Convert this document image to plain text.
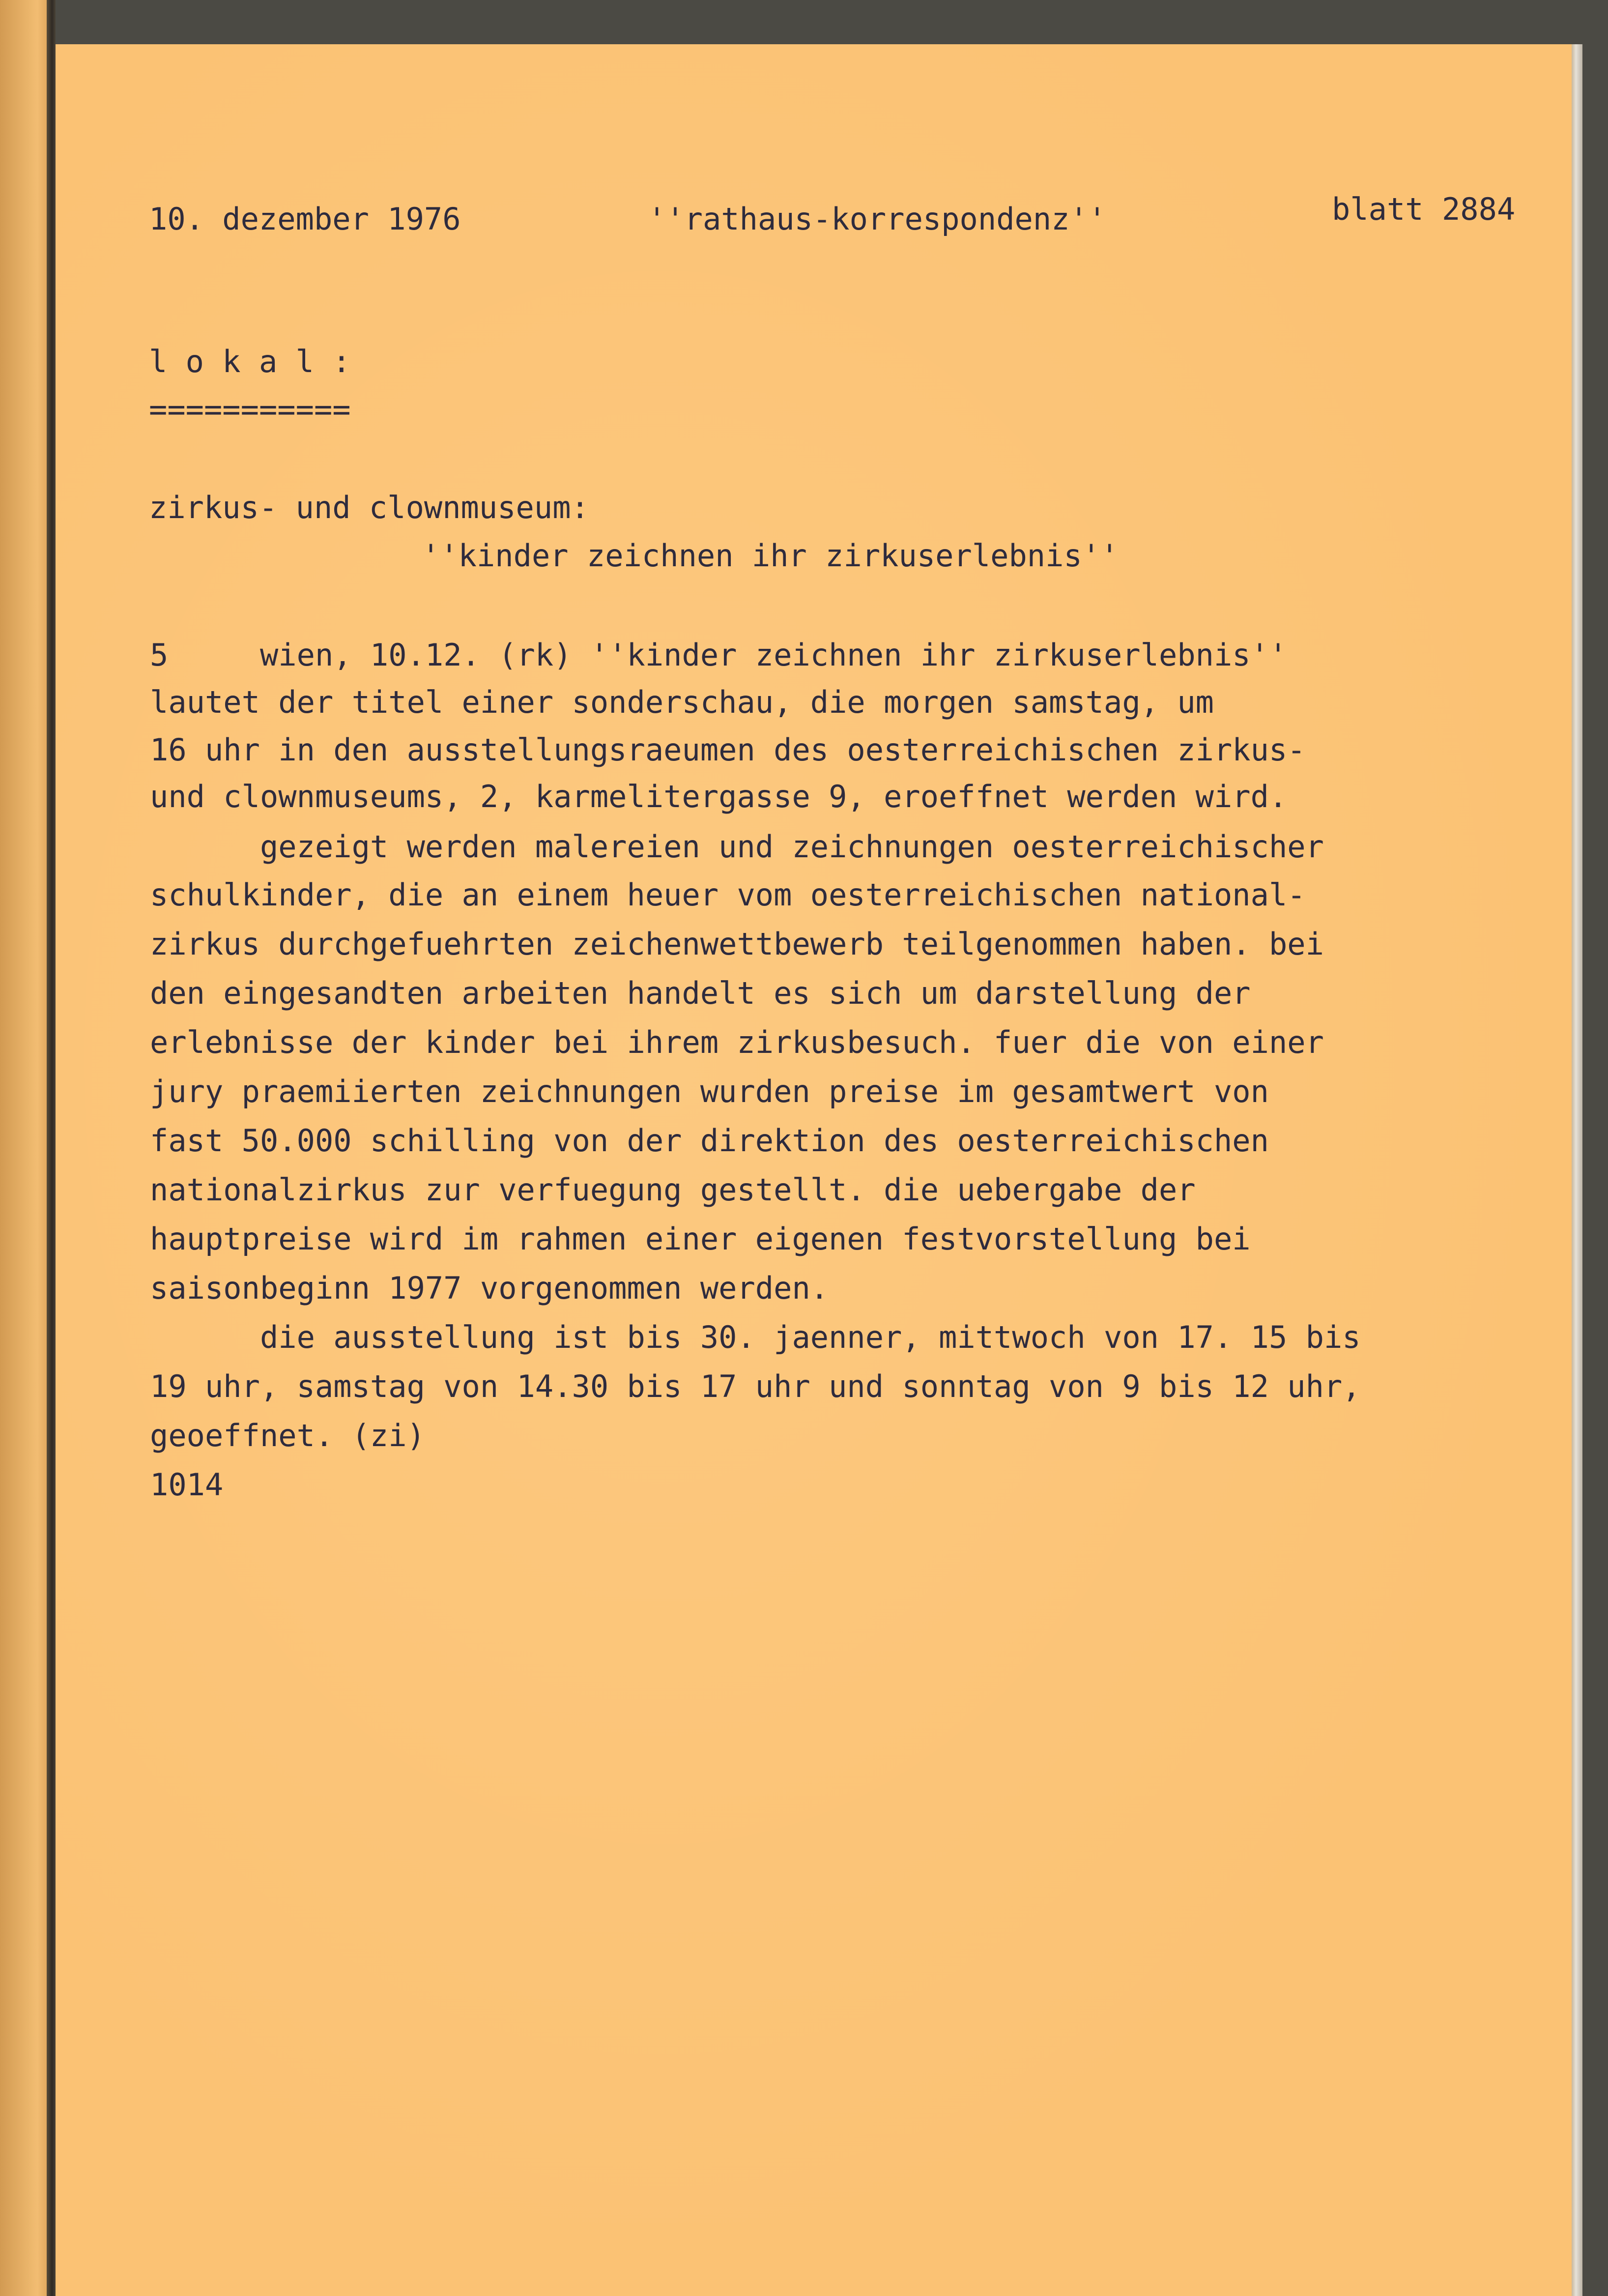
10. dezember 1976	''rathaus-korrespondenz''	blatt 2884
l o k a l :
===========
zirkus- und clownmuseum:
''kinder zeichnen ihr zirkuserlebnis''
5     wien, 10.12. (rk) ''kinder zeichnen ihr zirkuserlebnis''
lautet der titel einer sonderschau, die morgen samstag, um
16 uhr in den ausstellungsraeumen des oesterreichischen zirkus-
und clownmuseums, 2, karmelitergasse 9, eroeffnet werden wird.
gezeigt werden malereien und zeichnungen oesterreichischer
schulkinder, die an einem heuer vom oesterreichischen national-
zirkus durchgefuehrten zeichenwettbewerb teilgenommen haben. bei
den eingesandten arbeiten handelt es sich um darstellung der
erlebnisse der kinder bei ihrem zirkusbesuch. fuer die von einer
jury praemiierten zeichnungen wurden preise im gesamtwert von
fast 50.000 schilling von der direktion des oesterreichischen
nationalzirkus zur verfuegung gestellt. die uebergabe der
hauptpreise wird im rahmen einer eigenen festvorstellung bei
saisonbeginn 1977 vorgenommen werden.
die ausstellung ist bis 30. jaenner, mittwoch von 17. 15 bis
19 uhr, samstag von 14.30 bis 17 uhr und sonntag von 9 bis 12 uhr,
geoeffnet. (zi)
1014
